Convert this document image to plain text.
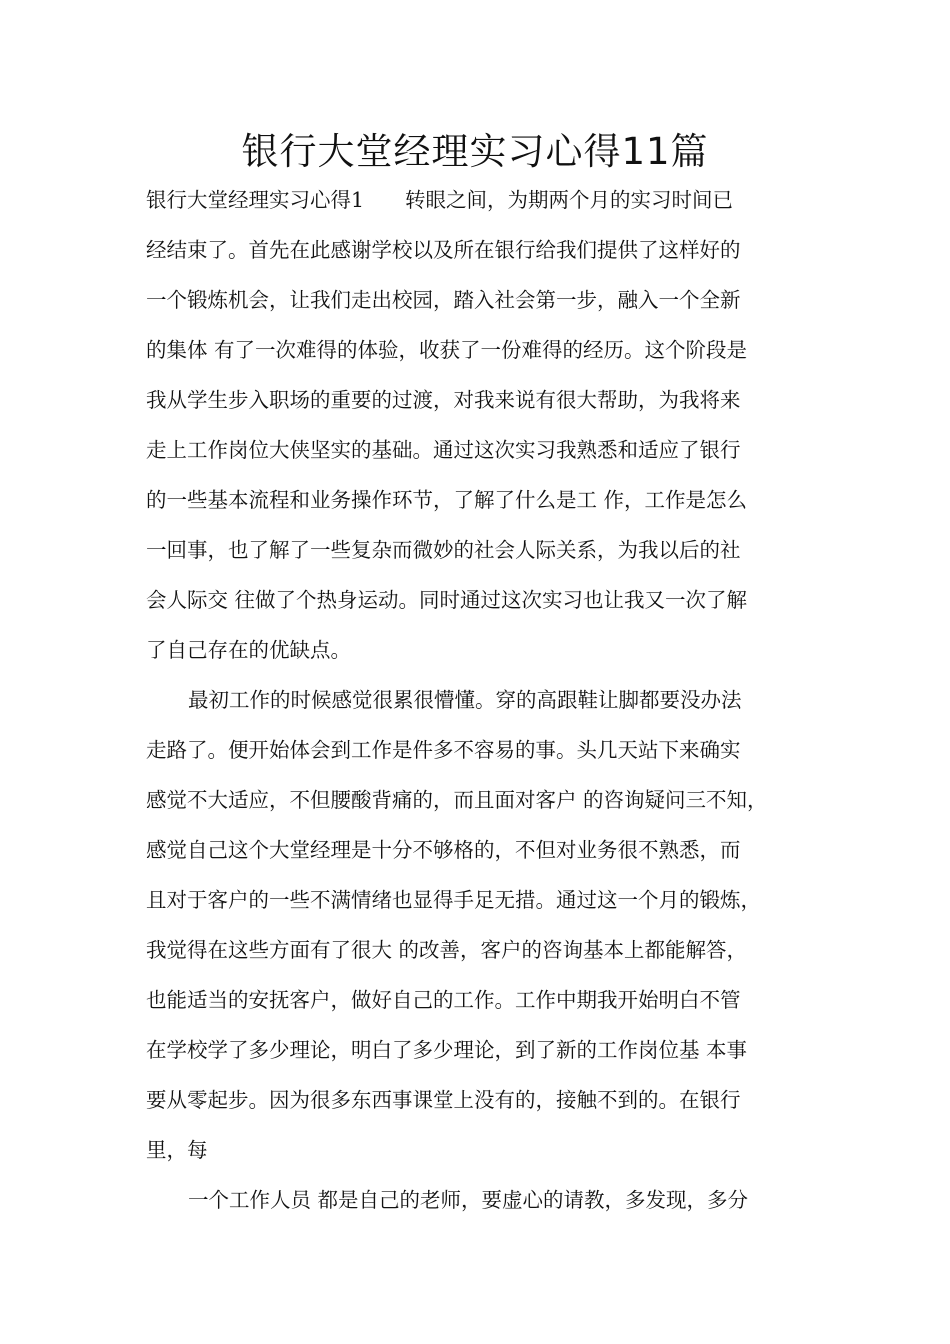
银行大堂经理实习心得11篇
银行大堂经理实习心得1　　转眼之间，为期两个月的实习时间已
经结束了。首先在此感谢学校以及所在银行给我们提供了这样好的
一个锻炼机会，让我们走出校园，踏入社会第一步，融入一个全新
的集体 有了一次难得的体验，收获了一份难得的经历。这个阶段是
我从学生步入职场的重要的过渡，对我来说有很大帮助，为我将来
走上工作岗位大侠坚实的基础。通过这次实习我熟悉和适应了银行
的一些基本流程和业务操作环节，了解了什么是工 作，工作是怎么
一回事，也了解了一些复杂而微妙的社会人际关系，为我以后的社
会人际交 往做了个热身运动。同时通过这次实习也让我又一次了解
了自己存在的优缺点。
最初工作的时候感觉很累很懵懂。穿的高跟鞋让脚都要没办法
走路了。便开始体会到工作是件多不容易的事。头几天站下来确实
感觉不大适应，不但腰酸背痛的，而且面对客户 的咨询疑问三不知，
感觉自己这个大堂经理是十分不够格的，不但对业务很不熟悉，而
且对于客户的一些不满情绪也显得手足无措。通过这一个月的锻炼，
我觉得在这些方面有了很大 的改善，客户的咨询基本上都能解答，
也能适当的安抚客户，做好自己的工作。工作中期我开始明白不管
在学校学了多少理论，明白了多少理论，到了新的工作岗位基 本事
要从零起步。因为很多东西事课堂上没有的，接触不到的。在银行
里，每
一个工作人员 都是自己的老师，要虚心的请教，多发现，多分
